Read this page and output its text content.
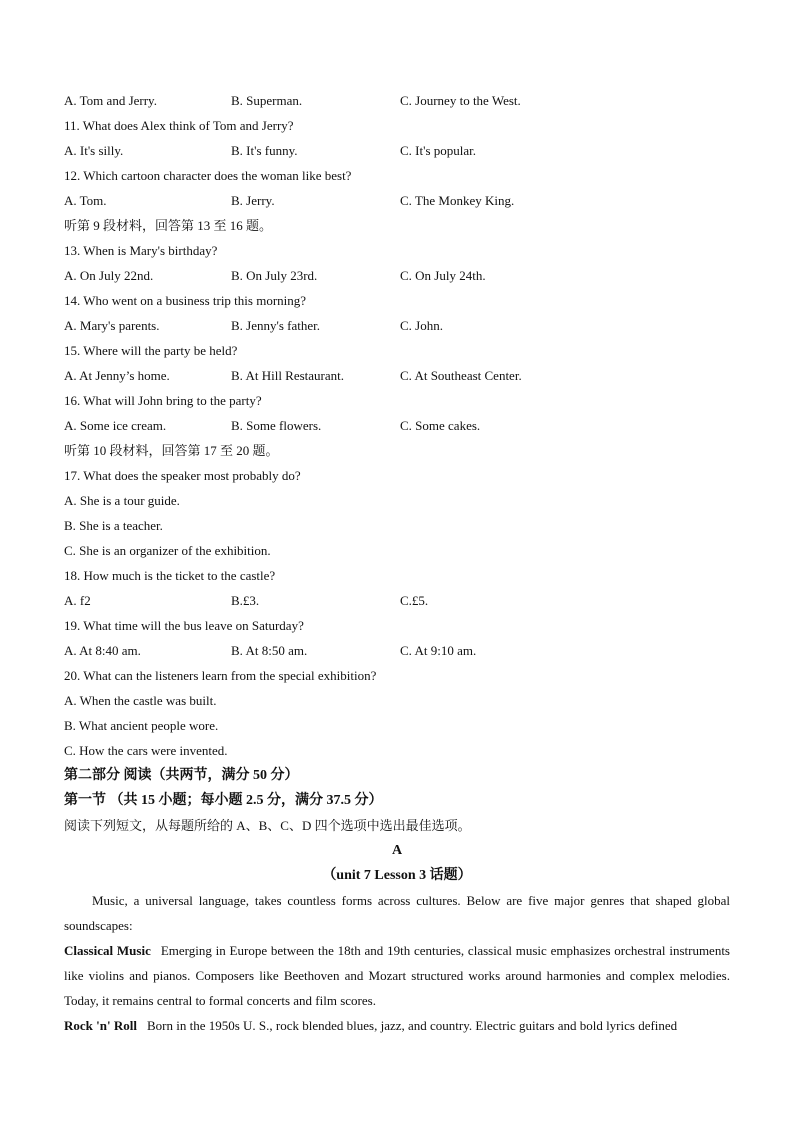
A. Tom and Jerry.	B. Superman.	C. Journey to the West.
11. What does Alex think of Tom and Jerry?
A. It's silly.	B. It's funny.	C. It's popular.
12. Which cartoon character does the woman like best?
A. Tom.	B. Jerry.	C. The Monkey King.
听第 9 段材料，回答第 13 至 16 题。
13. When is Mary's birthday?
A. On July 22nd.	B. On July 23rd.	C. On July 24th.
14. Who went on a business trip this morning?
A. Mary's parents.	B. Jenny's father.	C. John.
15. Where will the party be held?
A. At Jenny’s home.	B. At Hill Restaurant.	C. At Southeast Center.
16. What will John bring to the party?
A. Some ice cream.	B. Some flowers.	C. Some cakes.
听第 10 段材料，回答第 17 至 20 题。
17. What does the speaker most probably do?
A. She is a tour guide.
B. She is a teacher.
C. She is an organizer of the exhibition.
18. How much is the ticket to the castle?
A. f2	B.£3.	C.£5.
19. What time will the bus leave on Saturday?
A. At 8:40 am.	B. At 8:50 am.	C. At 9:10 am.
20. What can the listeners learn from the special exhibition?
A. When the castle was built.
B. What ancient people wore.
C. How the cars were invented.
第二部分 阅读（共两节，满分 50 分）
第一节 （共 15 小题；每小题 2.5 分，满分 37.5 分）
阅读下列短文，从每题所给的 A、B、C、D 四个选项中选出最佳选项。
A
（unit 7 Lesson 3 话题）
Music, a universal language, takes countless forms across cultures. Below are five major genres that shaped global soundscapes:
Classical Music Emerging in Europe between the 18th and 19th centuries, classical music emphasizes orchestral instruments like violins and pianos. Composers like Beethoven and Mozart structured works around harmonies and complex melodies. Today, it remains central to formal concerts and film scores.
Rock 'n' Roll Born in the 1950s U. S., rock blended blues, jazz, and country. Electric guitars and bold lyrics defined
